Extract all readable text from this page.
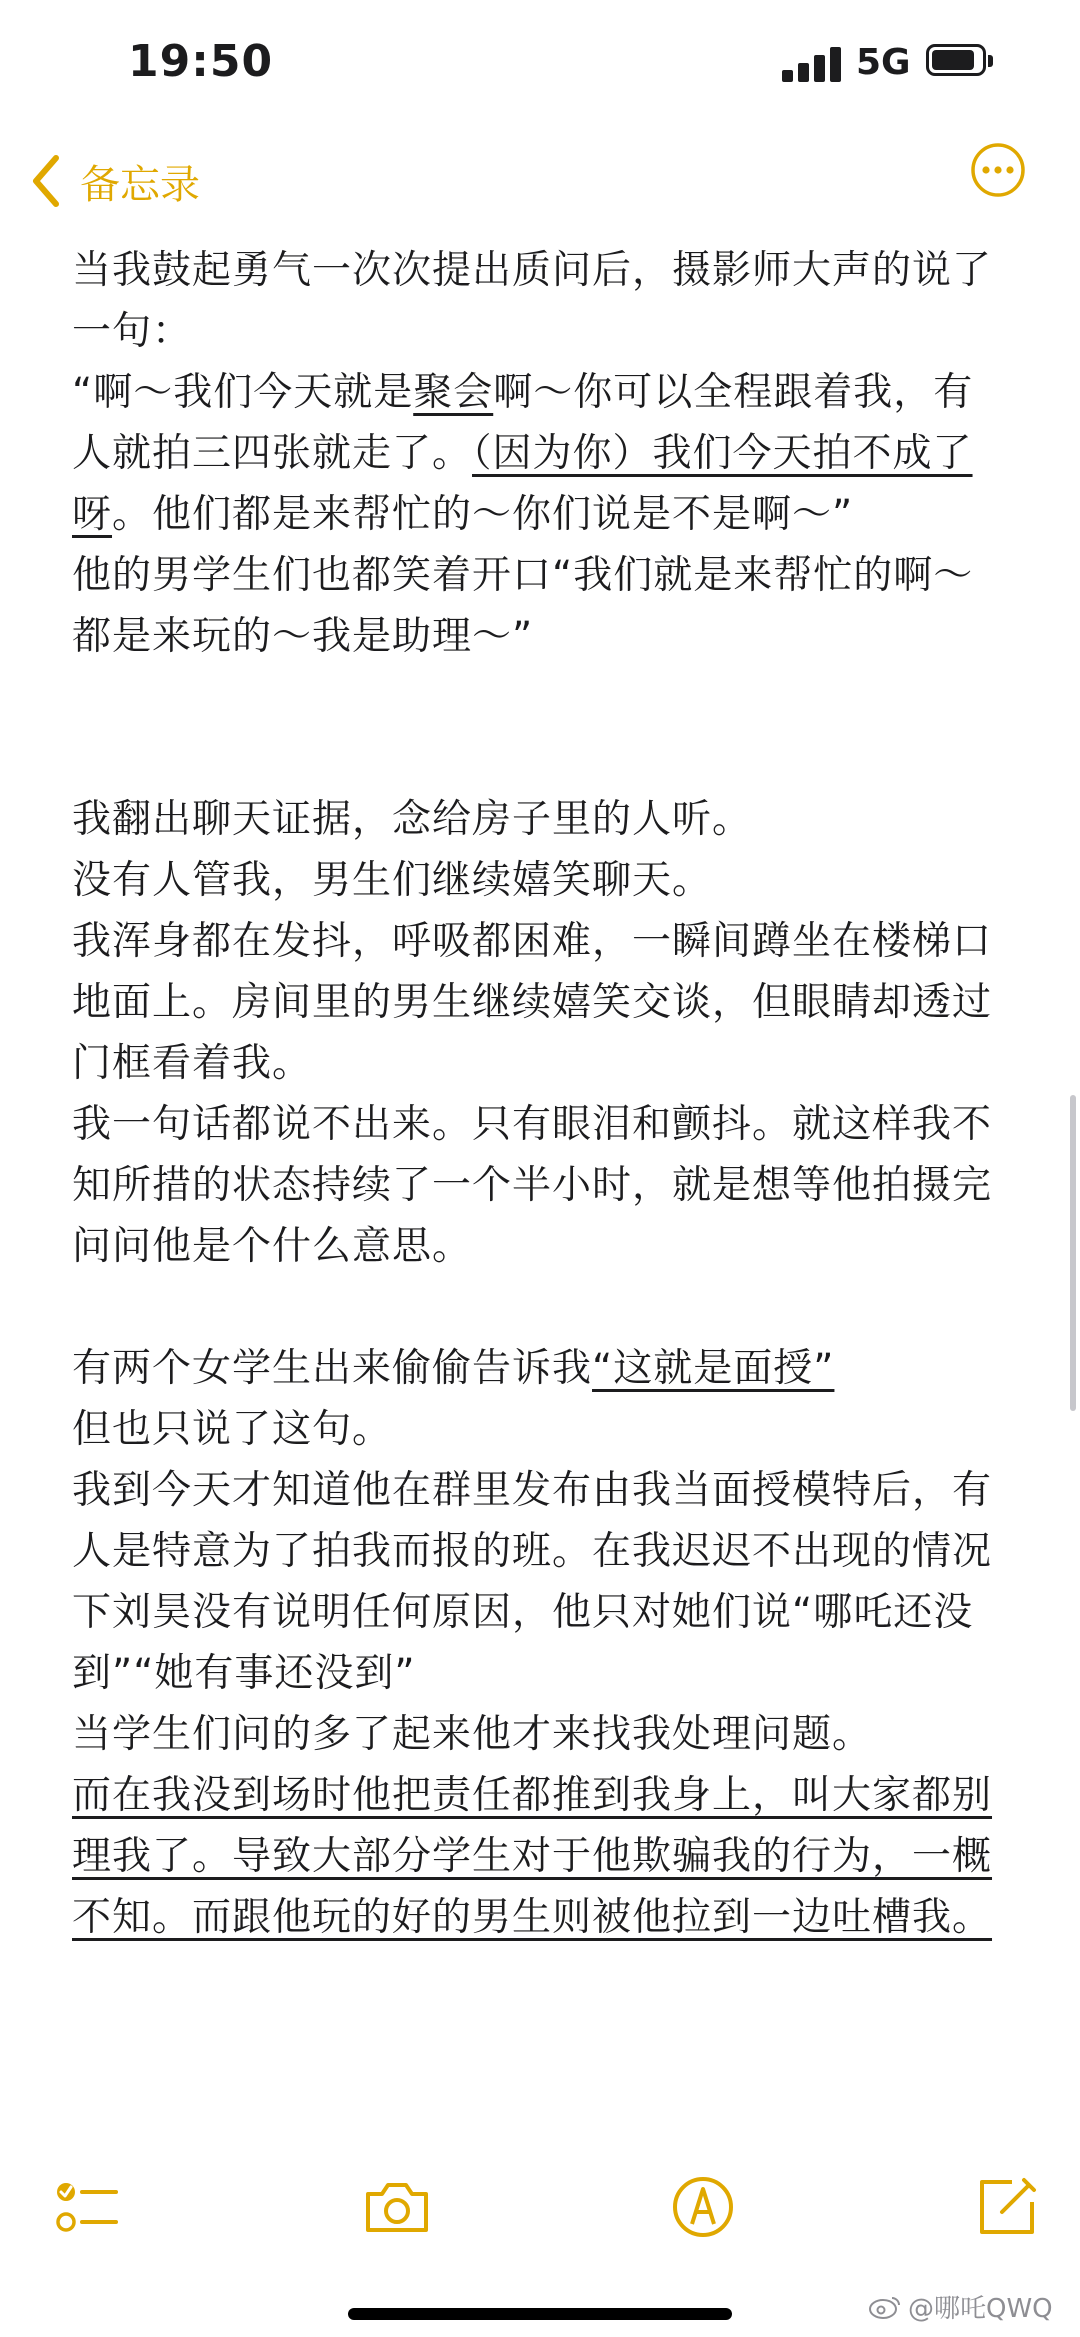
19:50	5G
备忘录

当我鼓起勇气一次次提出质问后，摄影师大声的说了一句：

“啊～我们今天就是聚会啊～你可以全程跟着我，有人就拍三四张就走了。（因为你）我们今天拍不成了呀。他们都是来帮忙的～你们说是不是啊～”

他的男学生们也都笑着开口“我们就是来帮忙的啊～都是来玩的～我是助理～”

我翻出聊天证据，念给房子里的人听。

没有人管我，男生们继续嬉笑聊天。

我浑身都在发抖，呼吸都困难，一瞬间蹲坐在楼梯口地面上。房间里的男生继续嬉笑交谈，但眼睛却透过门框看着我。

我一句话都说不出来。只有眼泪和颤抖。就这样我不知所措的状态持续了一个半小时，就是想等他拍摄完问问他是个什么意思。

有两个女学生出来偷偷告诉我“这就是面授”

但也只说了这句。

我到今天才知道他在群里发布由我当面授模特后，有人是特意为了拍我而报的班。在我迟迟不出现的情况下刘昊没有说明任何原因，他只对她们说“哪吒还没到”“她有事还没到”

当学生们问的多了起来他才来找我处理问题。

而在我没到场时他把责任都推到我身上，叫大家都别理我了。导致大部分学生对于他欺骗我的行为，一概不知。而跟他玩的好的男生则被他拉到一边吐槽我。

@哪吒QWQ
